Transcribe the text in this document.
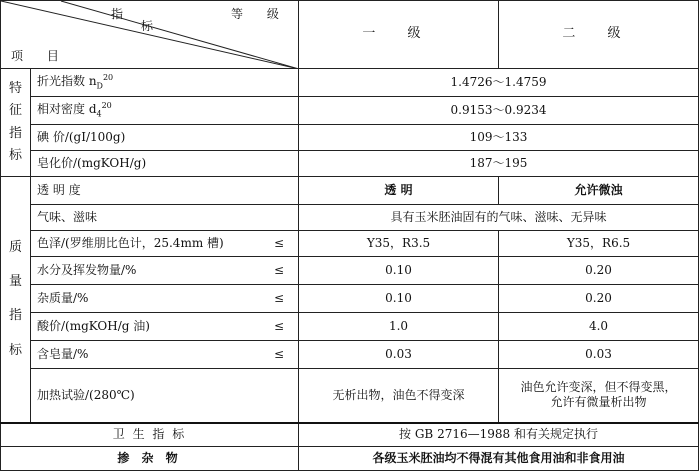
指
标
等 级
项 目		一 级	二 级

特
征
指
标	折光指数 $n_D^{20}$	1.4726～1.4759	
	相对密度 $d_4^{20}$	0.9153～0.9234	
	碘 价/(gI/100g)	109～133	
	皂化价/(mgKOH/g)	187～195	

质
量
指
标	透 明 度	透 明	允许微浊
	气味、滋味	具有玉米胚油固有的气味、滋味、无异味	
	色泽/(罗维朋比色计，25.4mm 槽) ≤	Y35，R3.5	Y35，R6.5
	水分及挥发物量/% ≤	0.10	0.20
	杂质量/% ≤	0.10	0.20
	酸价/(mgKOH/g 油) ≤	1.0	4.0
	含皂量/% ≤	0.03	0.03
	加热试验/(280℃)	无析出物，油色不得变深	油色允许变深，但不得变黑，
允许有微量析出物

卫 生 指 标		按 GB 2716—1988 和有关规定执行	
掺 杂 物		各级玉米胚油均不得混有其他食用油和非食用油	
